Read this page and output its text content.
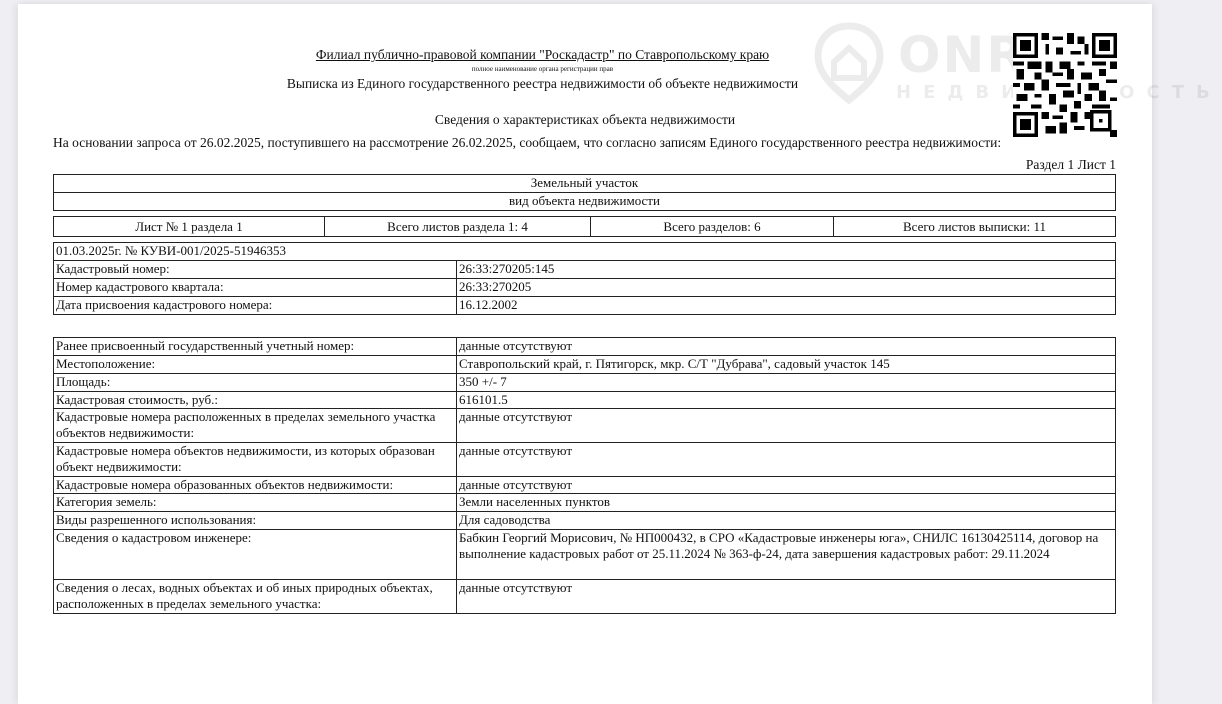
Филиал публично-правовой компании "Роскадастр" по Ставропольскому краю
полное наименование органа регистрации прав
Выписка из Единого государственного реестра недвижимости об объекте недвижимости
Сведения о характеристиках объекта недвижимости
На основании запроса от 26.02.2025, поступившего на рассмотрение 26.02.2025, сообщаем, что согласно записям Единого государственного реестра недвижимости:
Раздел 1 Лист 1
Земельный участок
вид объекта недвижимости
Лист № 1 раздела 1	Всего листов раздела 1: 4	Всего разделов: 6	Всего листов выписки: 11
01.03.2025г. № КУВИ-001/2025-51946353
Кадастровый номер:	26:33:270205:145
Номер кадастрового квартала:	26:33:270205
Дата присвоения кадастрового номера:	16.12.2002
Ранее присвоенный государственный учетный номер:	данные отсутствуют
Местоположение:	Ставропольский край, г. Пятигорск, мкр. С/Т "Дубрава", садовый участок 145
Площадь:	350 +/- 7
Кадастровая стоимость, руб.:	616101.5
Кадастровые номера расположенных в пределах земельного участка объектов недвижимости:
данные отсутствуют
Кадастровые номера объектов недвижимости, из которых образован объект недвижимости:
данные отсутствуют
Кадастровые номера образованных объектов недвижимости:	данные отсутствуют
Категория земель:	Земли населенных пунктов
Виды разрешенного использования:	Для садоводства
Сведения о кадастровом инженере:	Бабкин Георгий Морисович, № НП000432, в СРО «Кадастровые инженеры юга», СНИЛС 16130425114, договор на выполнение кадастровых работ от 25.11.2024 № 363-ф-24, дата завершения кадастровых работ: 29.11.2024
Сведения о лесах, водных объектах и об иных природных объектах, расположенных в пределах земельного участка:
данные отсутствуют
